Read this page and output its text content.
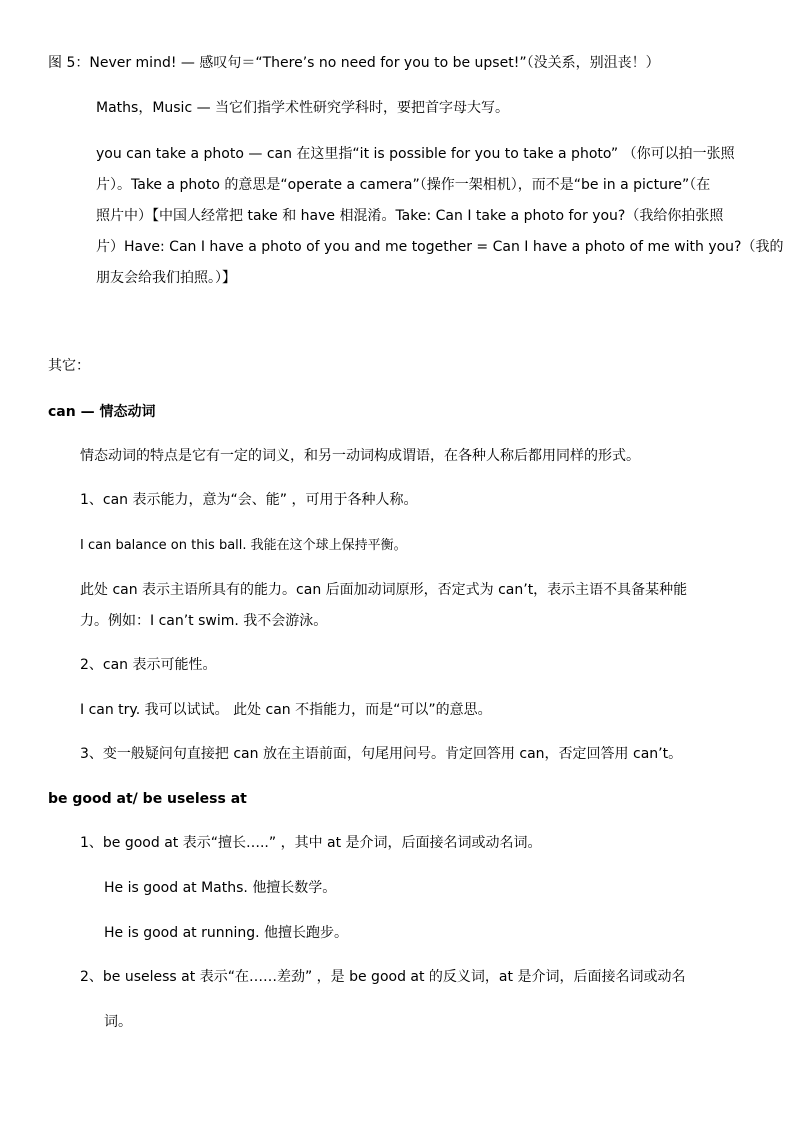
图 5：Never mind! — 感叹句＝“There’s no need for you to be upset!”（没关系，别沮丧！）

Maths，Music — 当它们指学术性研究学科时，要把首字母大写。

you can take a photo — can 在这里指“it is possible for you to take a photo” （你可以拍一张照

片）。Take a photo 的意思是“operate a camera”（操作一架相机），而不是“be in a picture”（在

照片中）【中国人经常把 take 和 have 相混淆。Take: Can I take a photo for you?（我给你拍张照

片）Have: Can I have a photo of you and me together = Can I have a photo of me with you?（我的

朋友会给我们拍照。）】

其它：

can — 情态动词

情态动词的特点是它有一定的词义，和另一动词构成谓语，在各种人称后都用同样的形式。

1、can 表示能力，意为“会、能” ，可用于各种人称。

I can balance on this ball. 我能在这个球上保持平衡。

此处 can 表示主语所具有的能力。can 后面加动词原形，否定式为 can’t，表示主语不具备某种能

力。例如：I can’t swim. 我不会游泳。

2、can 表示可能性。

I can try. 我可以试试。 此处 can 不指能力，而是“可以”的意思。

3、变一般疑问句直接把 can 放在主语前面，句尾用问号。肯定回答用 can，否定回答用 can’t。

be good at/ be useless at

1、be good at 表示“擅长…..” ，其中 at 是介词，后面接名词或动名词。

He is good at Maths. 他擅长数学。

He is good at running. 他擅长跑步。

2、be useless at 表示“在……差劲” ，是 be good at 的反义词，at 是介词，后面接名词或动名

词。
